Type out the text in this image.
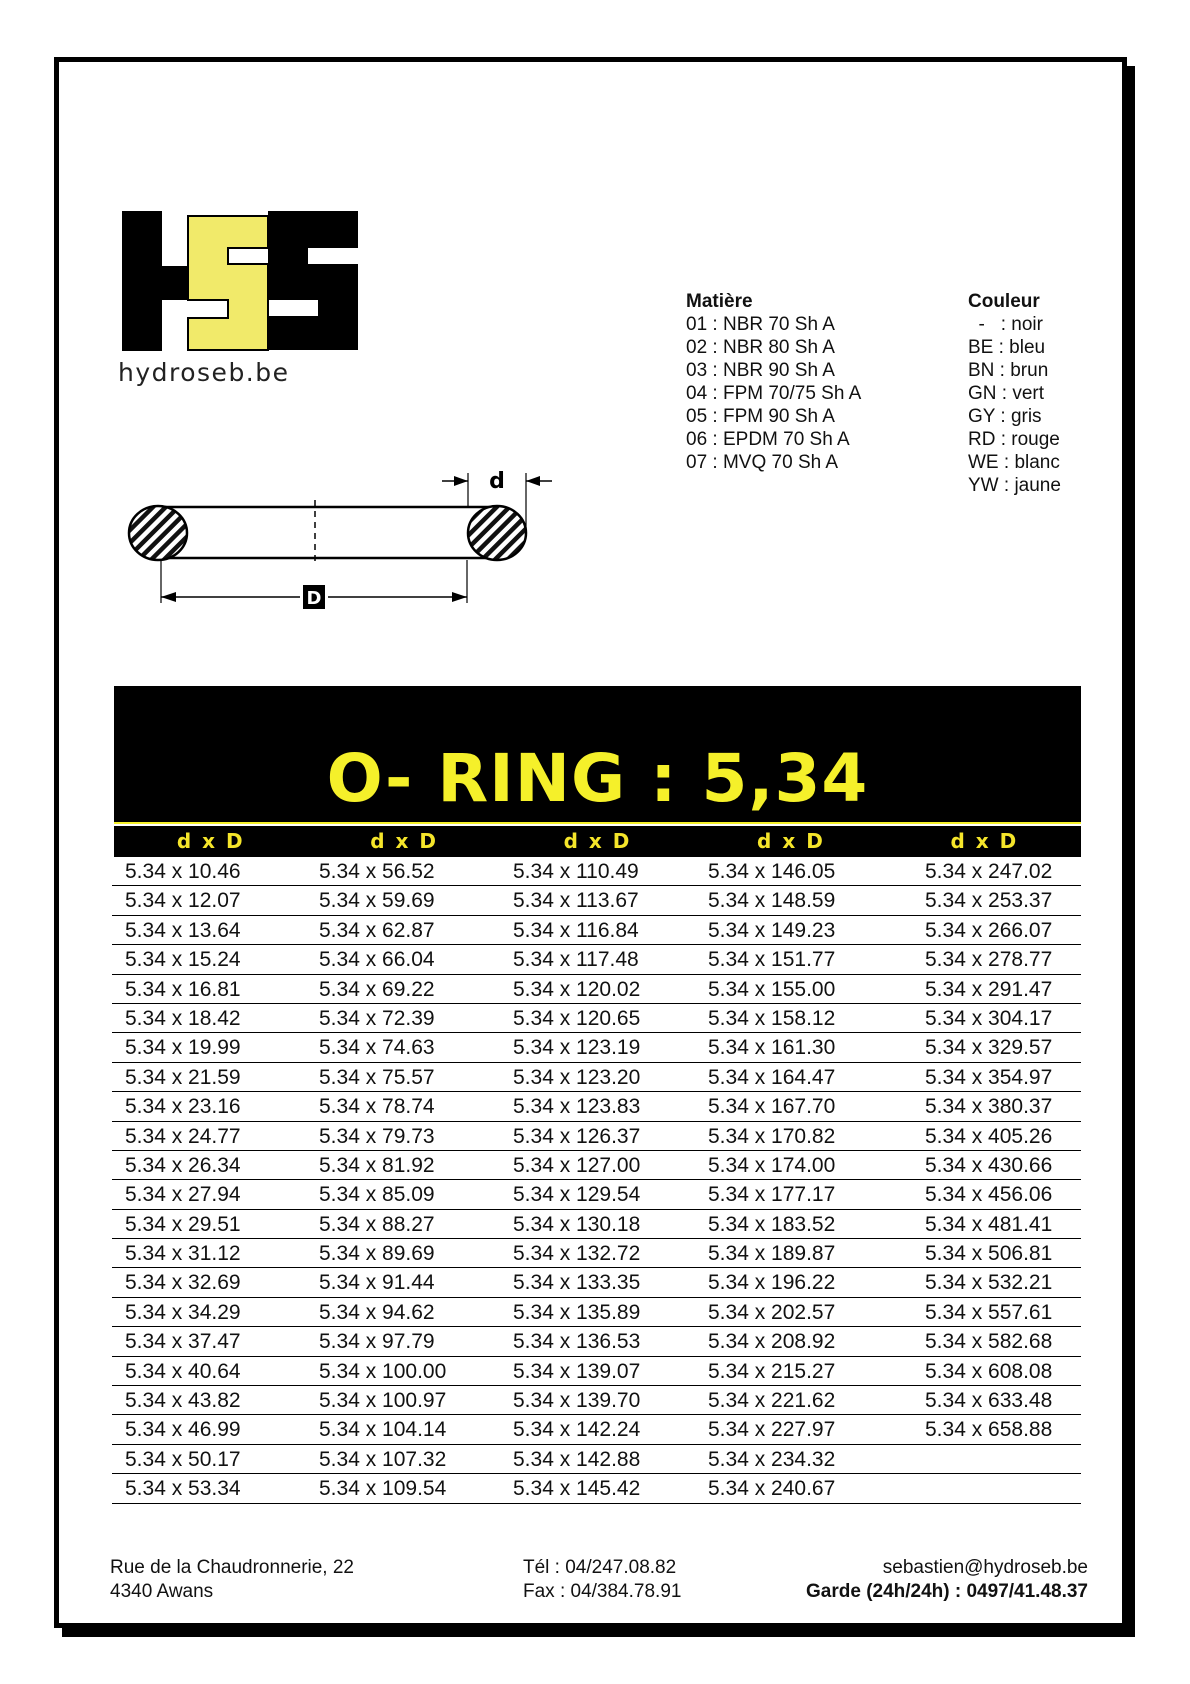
hydroseb.be
Matière
01 : NBR 70 Sh A
02 : NBR 80 Sh A
03 : NBR 90 Sh A
04 : FPM 70/75 Sh A
05 : FPM 90 Sh A
06 : EPDM 70 Sh A
07 : MVQ 70 Sh A
Couleur
-   : noir
BE : bleu
BN : brun
GN : vert
GY : gris
RD : rouge
WE : blanc
YW : jaune
D
d
O- RING : 5,34
d x D	d x D	d x D	d x D	d x D
5.34 x 10.46	5.34 x 56.52	5.34 x 110.49	5.34 x 146.05	5.34 x 247.02
5.34 x 12.07	5.34 x 59.69	5.34 x 113.67	5.34 x 148.59	5.34 x 253.37
5.34 x 13.64	5.34 x 62.87	5.34 x 116.84	5.34 x 149.23	5.34 x 266.07
5.34 x 15.24	5.34 x 66.04	5.34 x 117.48	5.34 x 151.77	5.34 x 278.77
5.34 x 16.81	5.34 x 69.22	5.34 x 120.02	5.34 x 155.00	5.34 x 291.47
5.34 x 18.42	5.34 x 72.39	5.34 x 120.65	5.34 x 158.12	5.34 x 304.17
5.34 x 19.99	5.34 x 74.63	5.34 x 123.19	5.34 x 161.30	5.34 x 329.57
5.34 x 21.59	5.34 x 75.57	5.34 x 123.20	5.34 x 164.47	5.34 x 354.97
5.34 x 23.16	5.34 x 78.74	5.34 x 123.83	5.34 x 167.70	5.34 x 380.37
5.34 x 24.77	5.34 x 79.73	5.34 x 126.37	5.34 x 170.82	5.34 x 405.26
5.34 x 26.34	5.34 x 81.92	5.34 x 127.00	5.34 x 174.00	5.34 x 430.66
5.34 x 27.94	5.34 x 85.09	5.34 x 129.54	5.34 x 177.17	5.34 x 456.06
5.34 x 29.51	5.34 x 88.27	5.34 x 130.18	5.34 x 183.52	5.34 x 481.41
5.34 x 31.12	5.34 x 89.69	5.34 x 132.72	5.34 x 189.87	5.34 x 506.81
5.34 x 32.69	5.34 x 91.44	5.34 x 133.35	5.34 x 196.22	5.34 x 532.21
5.34 x 34.29	5.34 x 94.62	5.34 x 135.89	5.34 x 202.57	5.34 x 557.61
5.34 x 37.47	5.34 x 97.79	5.34 x 136.53	5.34 x 208.92	5.34 x 582.68
5.34 x 40.64	5.34 x 100.00	5.34 x 139.07	5.34 x 215.27	5.34 x 608.08
5.34 x 43.82	5.34 x 100.97	5.34 x 139.70	5.34 x 221.62	5.34 x 633.48
5.34 x 46.99	5.34 x 104.14	5.34 x 142.24	5.34 x 227.97	5.34 x 658.88
5.34 x 50.17	5.34 x 107.32	5.34 x 142.88	5.34 x 234.32
5.34 x 53.34	5.34 x 109.54	5.34 x 145.42	5.34 x 240.67
Rue de la Chaudronnerie, 22
4340 Awans
Tél : 04/247.08.82
Fax : 04/384.78.91
sebastien@hydroseb.be
Garde (24h/24h) : 0497/41.48.37
